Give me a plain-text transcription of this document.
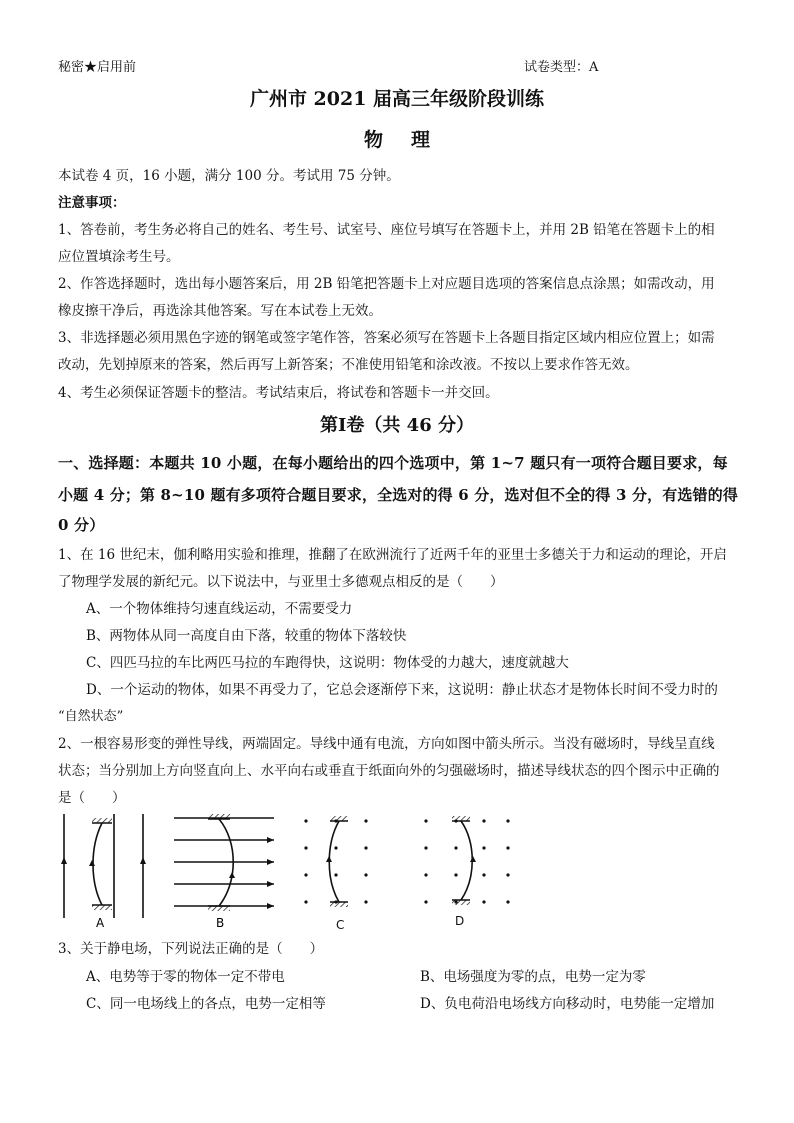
秘密★启用前	试卷类型：A
广州市 2021 届高三年级阶段训练
物理
本试卷 4 页，16 小题，满分 100 分。考试用 75 分钟。
注意事项：
1、答卷前，考生务必将自己的姓名、考生号、试室号、座位号填写在答题卡上，并用 2B 铅笔在答题卡上的相
应位置填涂考生号。
2、作答选择题时，选出每小题答案后，用 2B 铅笔把答题卡上对应题目选项的答案信息点涂黑；如需改动，用
橡皮擦干净后，再选涂其他答案。写在本试卷上无效。
3、非选择题必须用黑色字迹的钢笔或签字笔作答，答案必须写在答题卡上各题目指定区域内相应位置上；如需
改动，先划掉原来的答案，然后再写上新答案；不准使用铅笔和涂改液。不按以上要求作答无效。
4、考生必须保证答题卡的整洁。考试结束后，将试卷和答题卡一并交回。
第Ⅰ卷（共 46 分）
一、选择题：本题共 10 小题，在每小题给出的四个选项中，第 1~7 题只有一项符合题目要求，每
小题 4 分；第 8~10 题有多项符合题目要求，全选对的得 6 分，选对但不全的得 3 分，有选错的得
0 分）
1、在 16 世纪末，伽利略用实验和推理，推翻了在欧洲流行了近两千年的亚里士多德关于力和运动的理论，开启
了物理学发展的新纪元。以下说法中，与亚里士多德观点相反的是（　　）
A、一个物体维持匀速直线运动，不需要受力
B、两物体从同一高度自由下落，较重的物体下落较快
C、四匹马拉的车比两匹马拉的车跑得快，这说明：物体受的力越大，速度就越大
D、一个运动的物体，如果不再受力了，它总会逐渐停下来，这说明：静止状态才是物体长时间不受力时的
“自然状态”
2、一根容易形变的弹性导线，两端固定。导线中通有电流，方向如图中箭头所示。当没有磁场时，导线呈直线
状态；当分别加上方向竖直向上、水平向右或垂直于纸面向外的匀强磁场时，描述导线状态的四个图示中正确的
是（　　）
A	B	C	D
3、关于静电场，下列说法正确的是（　　）
A、电势等于零的物体一定不带电	B、电场强度为零的点，电势一定为零
C、同一电场线上的各点，电势一定相等	D、负电荷沿电场线方向移动时，电势能一定增加
